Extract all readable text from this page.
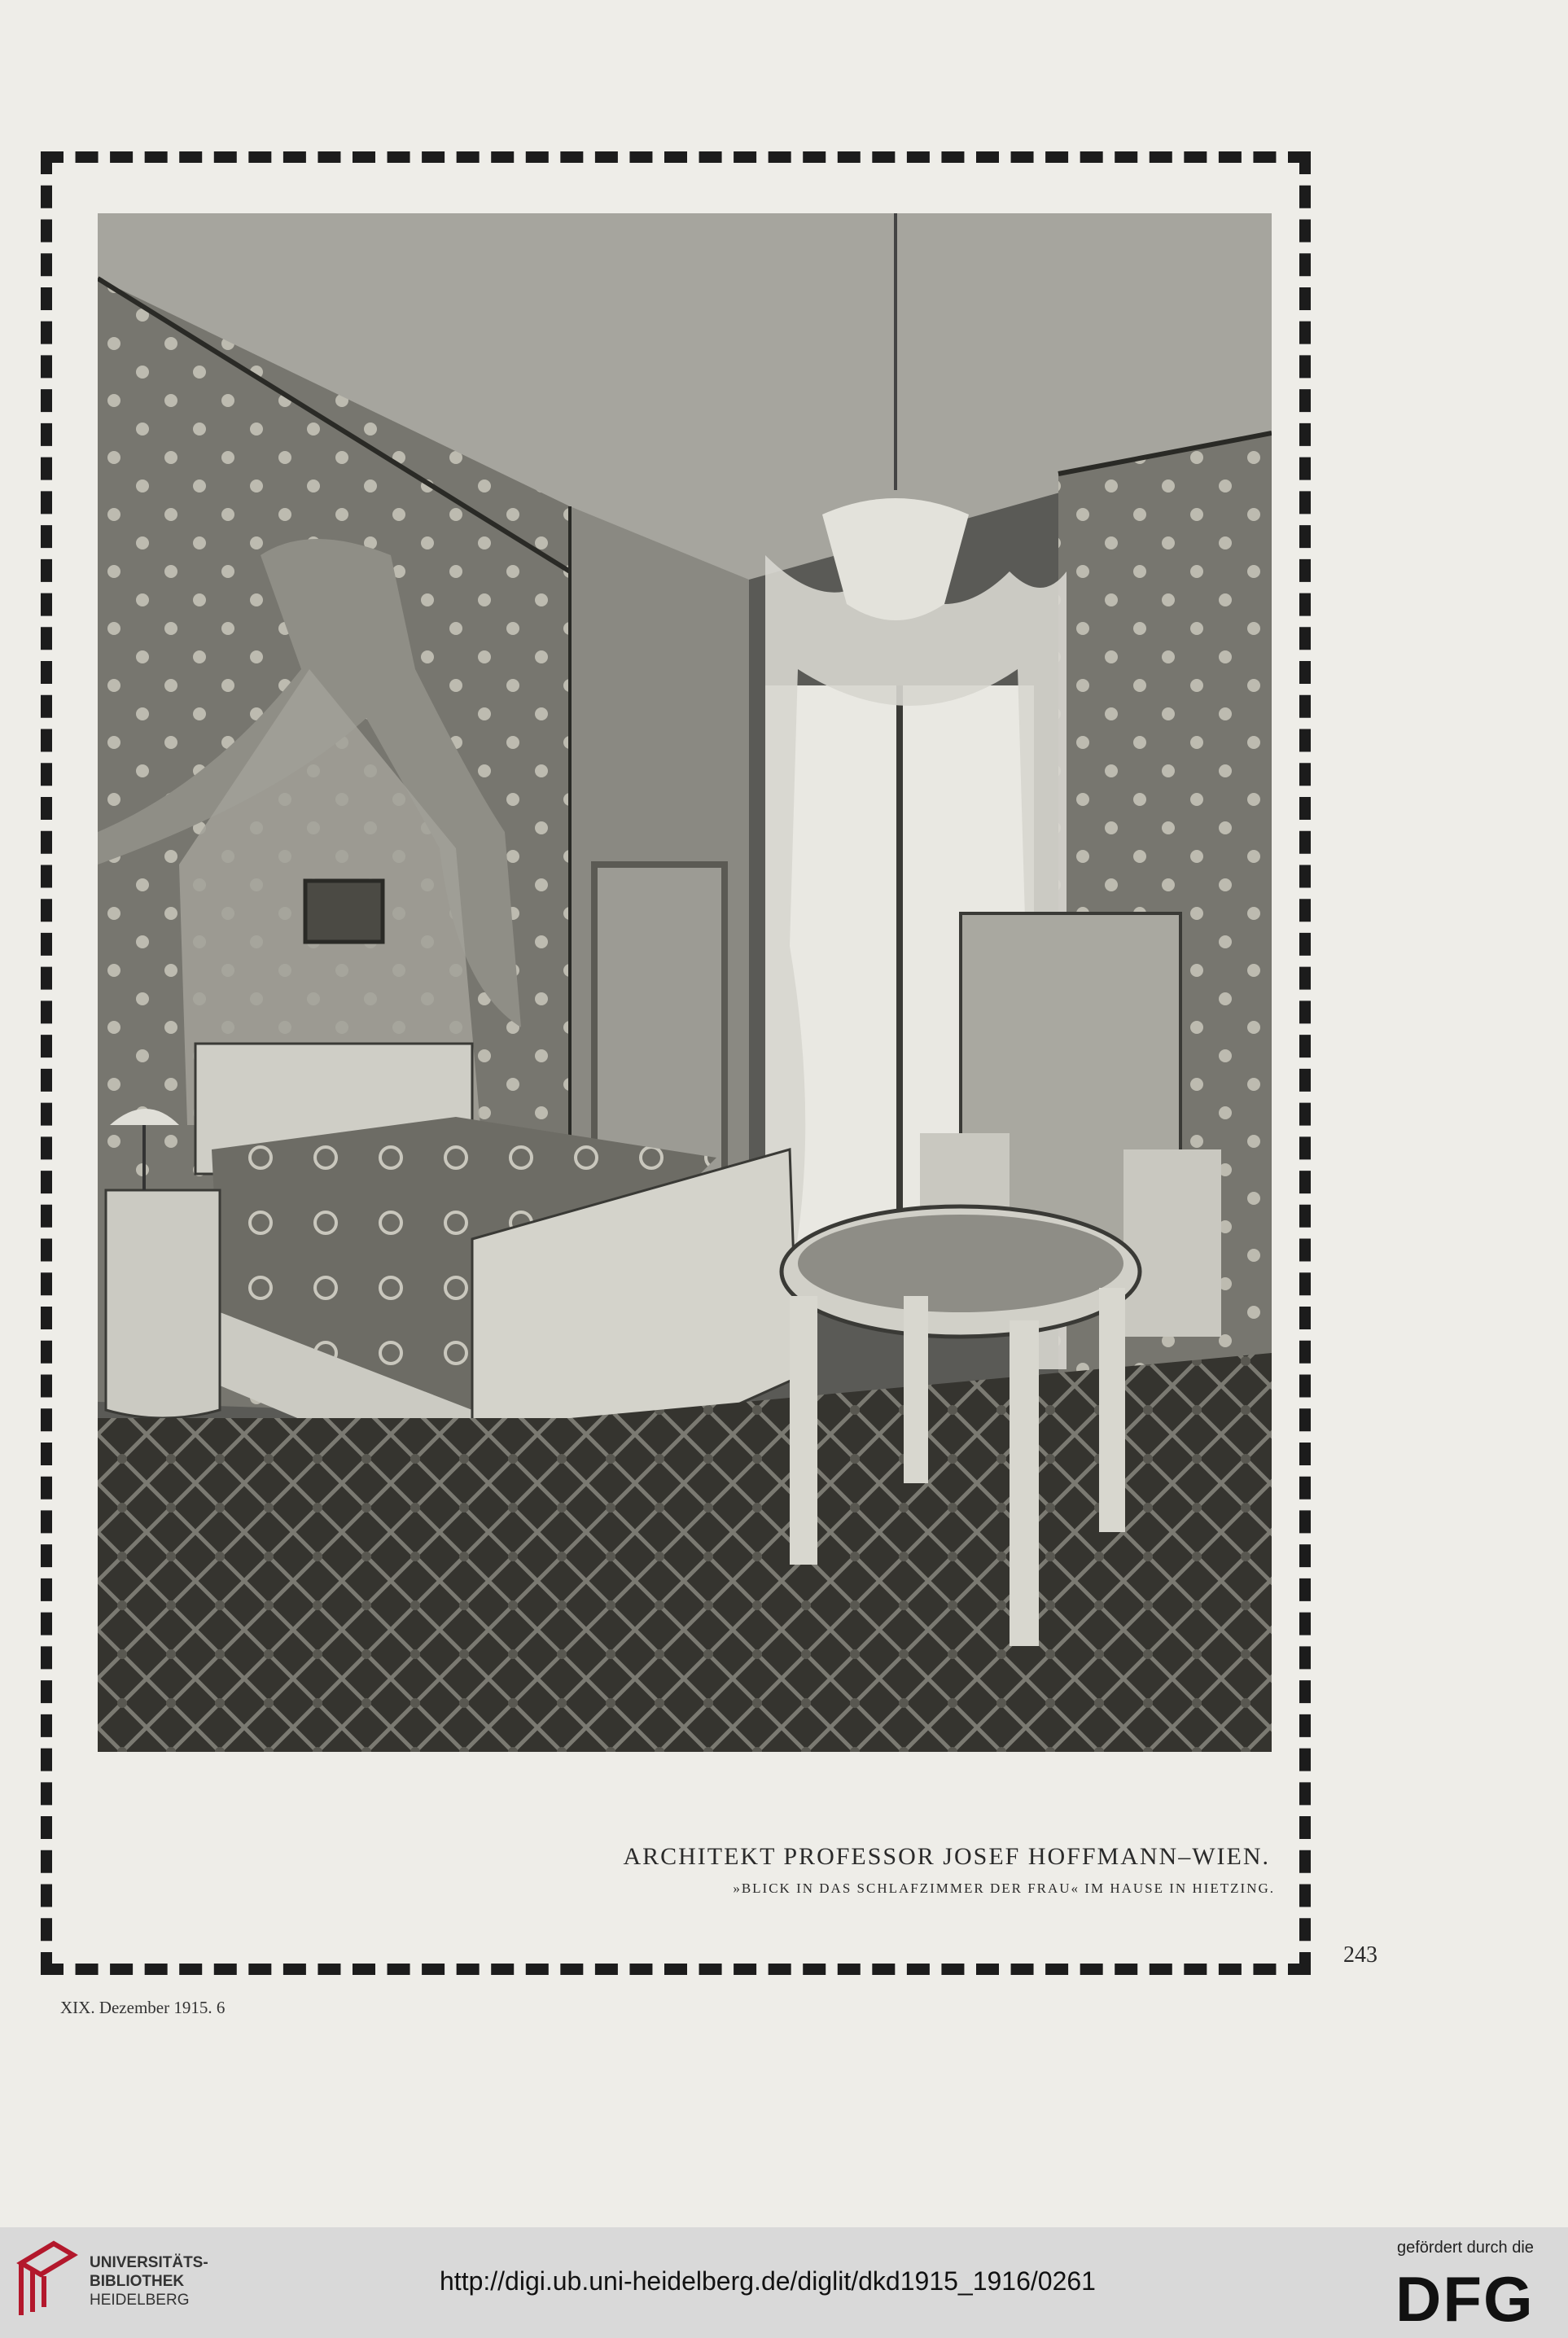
ARCHITEKT PROFESSOR JOSEF HOFFMANN–WIEN.
»BLICK IN DAS SCHLAFZIMMER DER FRAU« IM HAUSE IN HIETZING.
243
XIX. Dezember 1915. 6
UNIVERSITÄTS-
BIBLIOTHEK
HEIDELBERG
http://digi.ub.uni-heidelberg.de/diglit/dkd1915_1916/0261
gefördert durch die
DFG
